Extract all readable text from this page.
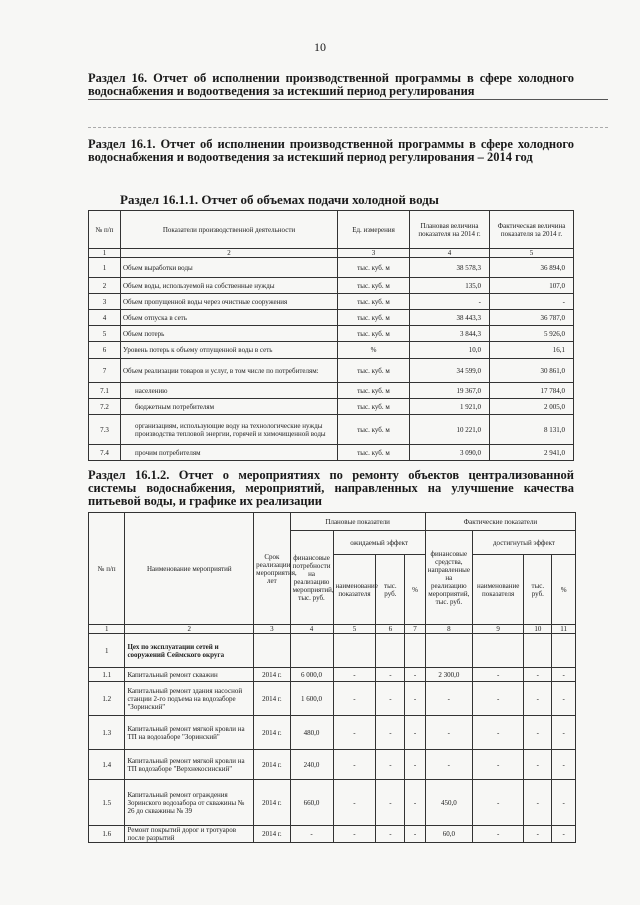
10
Раздел 16. Отчет об исполнении производственной программы в сфере холодного водоснабжения и водоотведения за истекший период регулирования
Раздел 16.1. Отчет об исполнении производственной программы в сфере холодного водоснабжения и водоотведения за истекший период регулирования – 2014 год
Раздел 16.1.1. Отчет об объемах подачи холодной воды
№ п/п	Показатели производственной деятельности	Ед. измерения	Плановая величина показателя на 2014 г.	Фактическая величина показателя за 2014 г.
1	2	3	4	5
1	Объем выработки воды	тыс. куб. м	38 578,3	36 894,0
2	Объем воды, используемой на собственные нужды	тыс. куб. м	135,0	107,0
3	Объем пропущенной воды через очистные сооружения	тыс. куб. м	-	-
4	Объем отпуска в сеть	тыс. куб. м	38 443,3	36 787,0
5	Объем потерь	тыс. куб. м	3 844,3	5 926,0
6	Уровень потерь к объему отпущенной воды в сеть	%	10,0	16,1
7	Объем реализации товаров и услуг, в том числе по потребителям:	тыс. куб. м	34 599,0	30 861,0
7.1	населению	тыс. куб. м	19 367,0	17 784,0
7.2	бюджетным потребителям	тыс. куб. м	1 921,0	2 005,0
7.3	организациям, использующие воду на технологические нужды производства тепловой энергии, горячей и химочищенной воды	тыс. куб. м	10 221,0	8 131,0
7.4	прочим потребителям	тыс. куб. м	3 090,0	2 941,0
Раздел 16.1.2. Отчет о мероприятиях по ремонту объектов централизованной системы водоснабжения, мероприятий, направленных на улучшение качества питьевой воды, и графике их реализации
№ п/п	Наименование мероприятий	Срок реализации мероприятия, лет	Плановые показатели				Фактические показатели			
			финансовые потребности на реализацию мероприятий, тыс. руб.	ожидаемый эффект			финансовые средства, направленные на реализацию мероприятий, тыс. руб.	достигнутый эффект		
				наименование показателя	тыс. руб.	%		наименование показателя	тыс. руб.	%
1	2	3	4	5	6	7	8	9	10	11
1	Цех по эксплуатации сетей и сооружений Сеймского округа									
1.1	Капитальный ремонт скважин	2014 г.	6 000,0	-	-	-	2 300,0	-	-	-
1.2	Капитальный ремонт здания насосной станции 2-го подъема на водозаборе "Зоринский"	2014 г.	1 600,0	-	-	-	-	-	-	-
1.3	Капитальный ремонт мягкой кровли на ТП на водозаборе "Зоринский"	2014 г.	480,0	-	-	-	-	-	-	-
1.4	Капитальный ремонт мягкой кровли на ТП водозаборе "Верхнекосинский"	2014 г.	240,0	-	-	-	-	-	-	-
1.5	Капитальный ремонт ограждения Зоринского водозабора от скважины № 26 до скважины № 39	2014 г.	660,0	-	-	-	450,0	-	-	-
1.6	Ремонт покрытий дорог и тротуаров после разрытий	2014 г.	-	-	-	-	60,0	-	-	-
